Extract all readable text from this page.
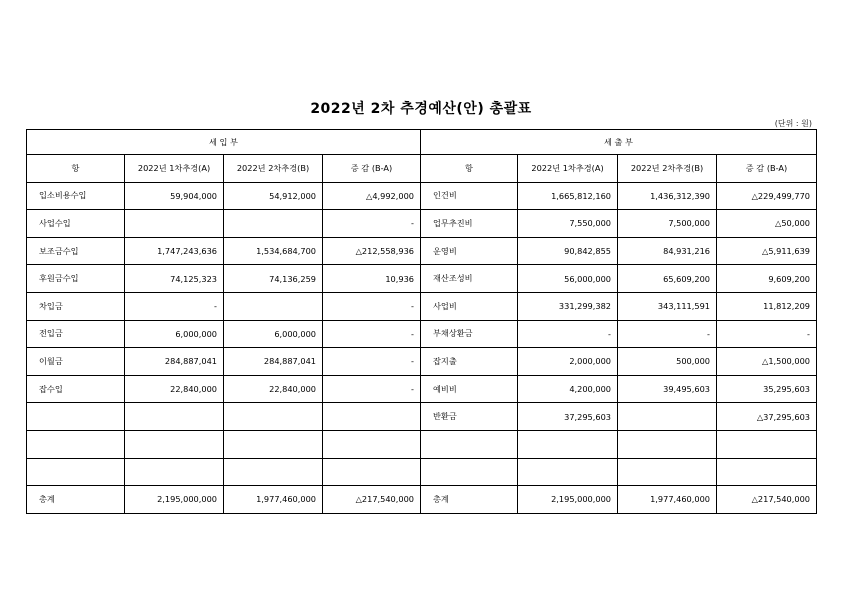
2022년 2차 추경예산(안) 총괄표
(단위 : 원)
세 입 부				세 출 부			
항	2022년 1차추경(A)	2022년 2차추경(B)	증 감 (B-A)	항	2022년 1차추경(A)	2022년 2차추경(B)	증 감 (B-A)
입소비용수입	59,904,000	54,912,000	△4,992,000	인건비	1,665,812,160	1,436,312,390	△229,499,770
사업수입			-	업무추진비	7,550,000	7,500,000	△50,000
보조금수입	1,747,243,636	1,534,684,700	△212,558,936	운영비	90,842,855	84,931,216	△5,911,639
후원금수입	74,125,323	74,136,259	10,936	재산조성비	56,000,000	65,609,200	9,609,200
차입금	-		-	사업비	331,299,382	343,111,591	11,812,209
전입금	6,000,000	6,000,000	-	부채상환금	-	-	-
이월금	284,887,041	284,887,041	-	잡지출	2,000,000	500,000	△1,500,000
잡수입	22,840,000	22,840,000	-	예비비	4,200,000	39,495,603	35,295,603
				반환금	37,295,603		△37,295,603

총계	2,195,000,000	1,977,460,000	△217,540,000	총계	2,195,000,000	1,977,460,000	△217,540,000
